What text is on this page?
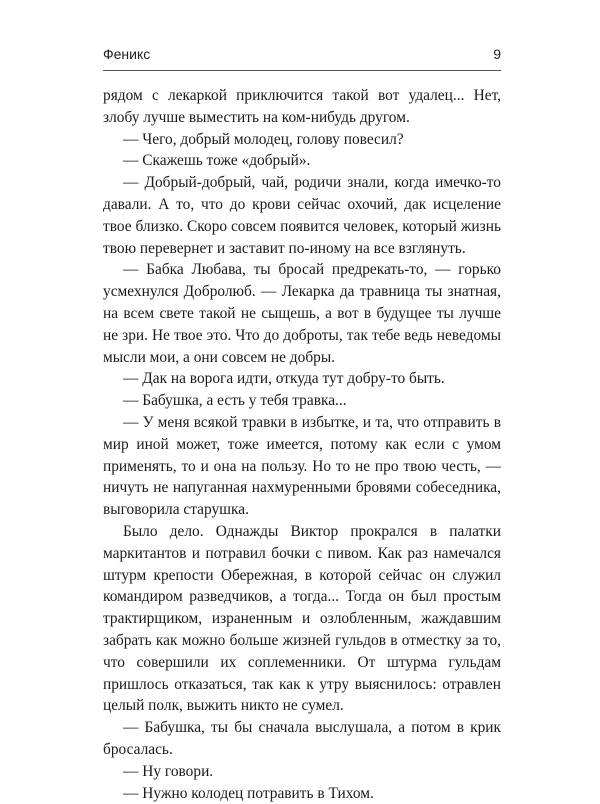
Феникс	9

рядом с лекаркой приключится такой вот удалец... Нет, злобу лучше выместить на ком-нибудь другом.

— Чего, добрый молодец, голову повесил?

— Скажешь тоже «добрый».

— Добрый-добрый, чай, родичи знали, когда имечко-то давали. А то, что до крови сейчас охочий, дак исцеление твое близко. Скоро совсем появится человек, который жизнь твою перевернет и заставит по-иному на все взглянуть.

— Бабка Любава, ты бросай предрекать-то, — горько усмехнулся Добролюб. — Лекарка да травница ты знатная, на всем свете такой не сыщешь, а вот в будущее ты лучше не зри. Не твое это. Что до доброты, так тебе ведь неведомы мысли мои, а они совсем не добры.

— Дак на ворога идти, откуда тут добру-то быть.

— Бабушка, а есть у тебя травка...

— У меня всякой травки в избытке, и та, что отправить в мир иной может, тоже имеется, потому как если с умом применять, то и она на пользу. Но то не про твою честь, — ничуть не напуганная нахмуренными бровями собеседника, выговорила старушка.

Было дело. Однажды Виктор прокрался в палатки маркитантов и потравил бочки с пивом. Как раз намечался штурм крепости Обережная, в которой сейчас он служил командиром разведчиков, а тогда... Тогда он был простым трактирщиком, израненным и озлобленным, жаждавшим забрать как можно больше жизней гульдов в отместку за то, что совершили их соплеменники. От штурма гульдам пришлось отказаться, так как к утру выяснилось: отравлен целый полк, выжить никто не сумел.

— Бабушка, ты бы сначала выслушала, а потом в крик бросалась.

— Ну говори.

— Нужно колодец потравить в Тихом.
